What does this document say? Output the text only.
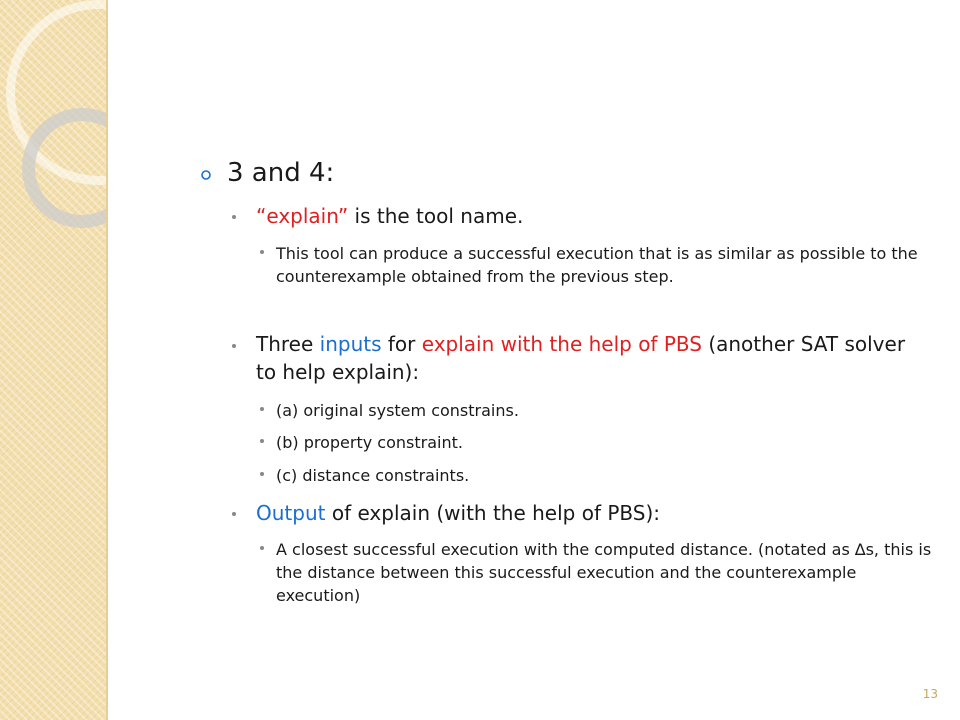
3 and 4:
“explain” is the tool name.
This tool can produce a successful execution that is as similar as possible to the counterexample obtained from the previous step.
Three inputs for explain with the help of PBS (another SAT solver to help explain):
(a) original system constrains.
(b) property constraint.
(c) distance constraints.
Output of explain (with the help of PBS):
A closest successful execution with the computed distance. (notated as ∆s, this is the distance between this successful execution and the counterexample execution)
13
